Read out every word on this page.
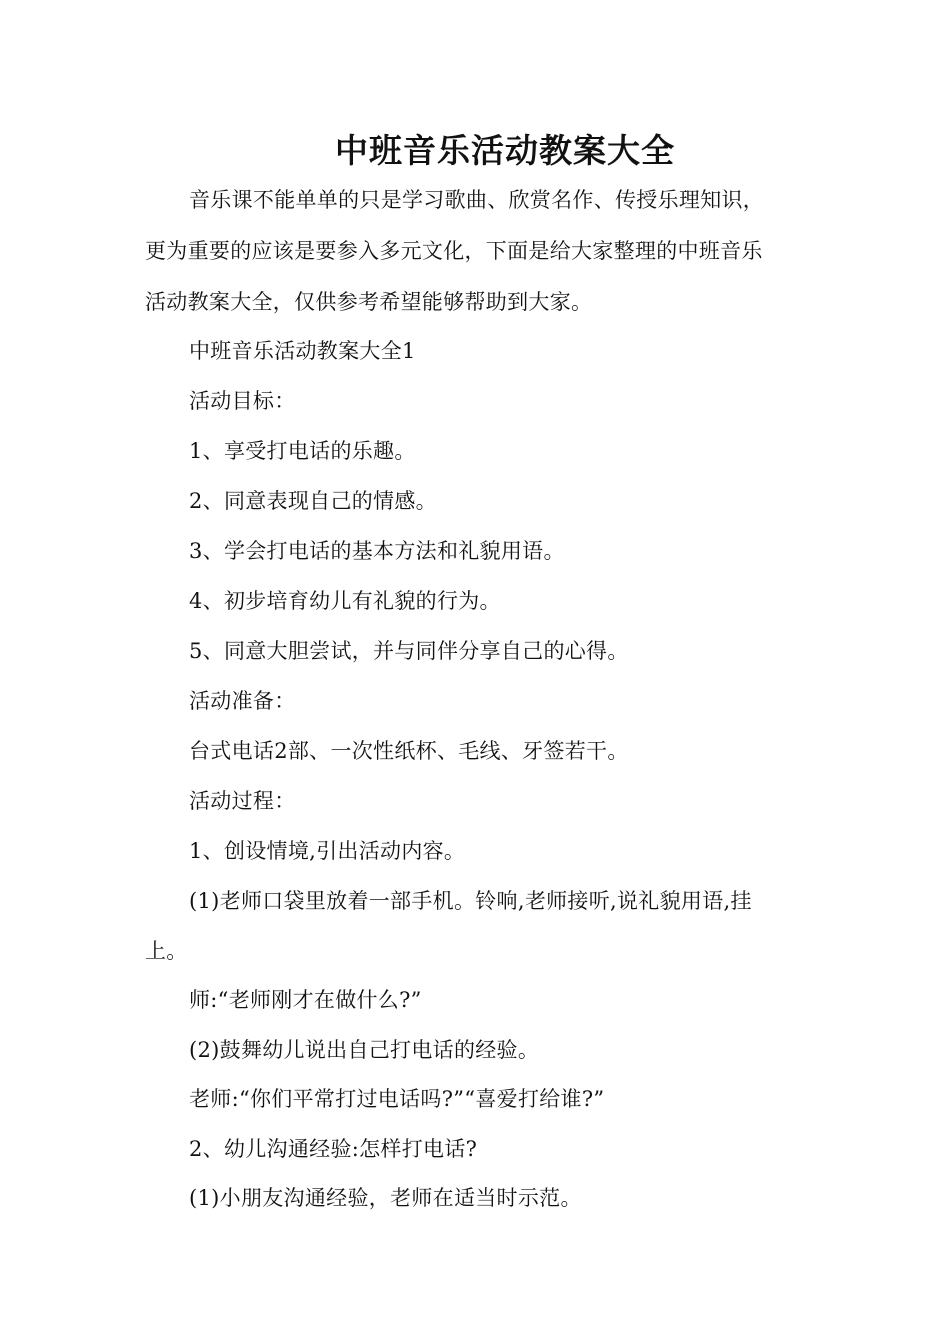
中班音乐活动教案大全
音乐课不能单单的只是学习歌曲、欣赏名作、传授乐理知识，
更为重要的应该是要参入多元文化，下面是给大家整理的中班音乐
活动教案大全，仅供参考希望能够帮助到大家。
中班音乐活动教案大全1
活动目标：
1、享受打电话的乐趣。
2、同意表现自己的情感。
3、学会打电话的基本方法和礼貌用语。
4、初步培育幼儿有礼貌的行为。
5、同意大胆尝试，并与同伴分享自己的心得。
活动准备：
台式电话2部、一次性纸杯、毛线、牙签若干。
活动过程：
1、创设情境,引出活动内容。
(1)老师口袋里放着一部手机。铃响,老师接听,说礼貌用语,挂
上。
师:“老师刚才在做什么?”
(2)鼓舞幼儿说出自己打电话的经验。
老师:“你们平常打过电话吗?”“喜爱打给谁?”
2、幼儿沟通经验:怎样打电话?
(1)小朋友沟通经验，老师在适当时示范。
